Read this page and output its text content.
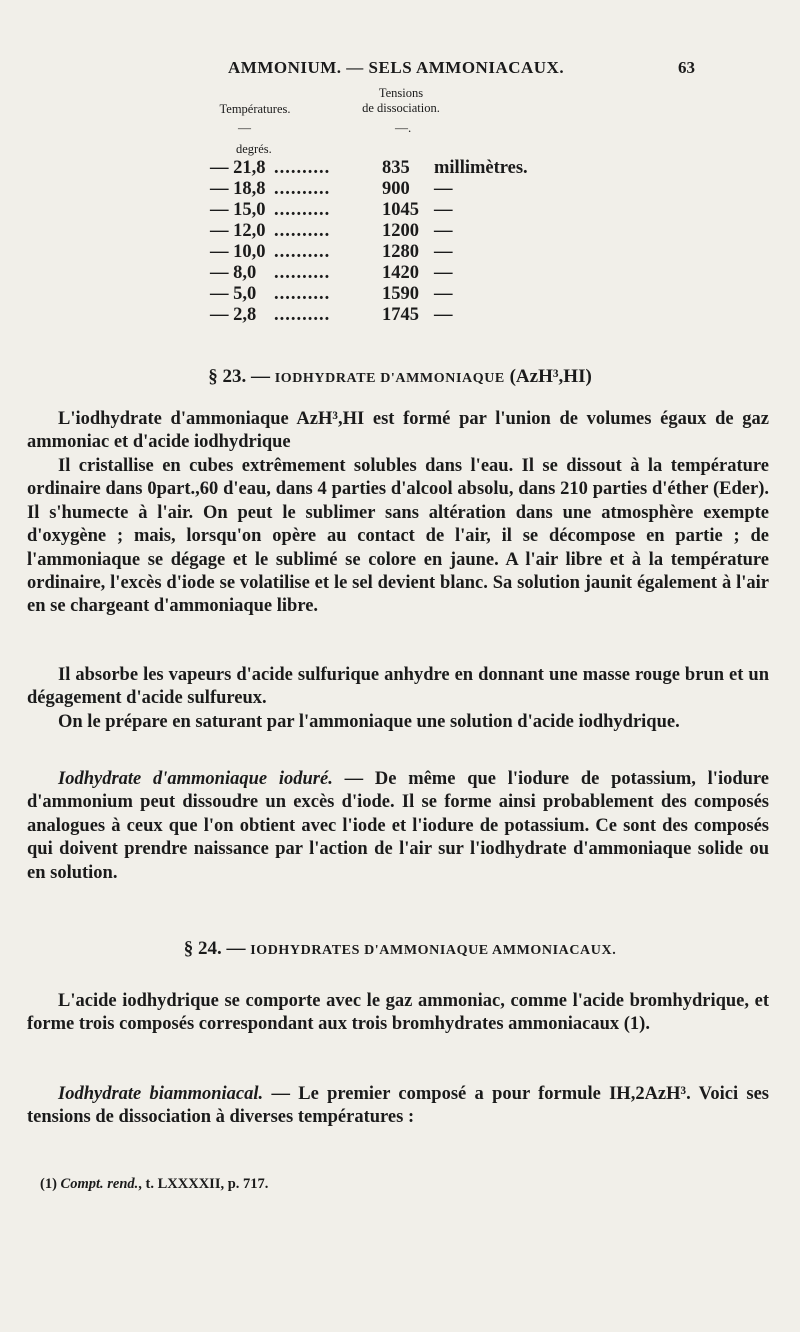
AMMONIUM. — SELS AMMONIACAUX.	63
Températures.
Tensions
de dissociation.
—	—.
degrés.
— 21,8	..........	835	millimètres.
— 18,8	..........	900	—
— 15,0	..........	1045	—
— 12,0	..........	1200	—
— 10,0	..........	1280	—
— 8,0	..........	1420	—
— 5,0	..........	1590	—
— 2,8	..........	1745	—
§ 23. — IODHYDRATE D'AMMONIAQUE (AzH³,HI)

L'iodhydrate d'ammoniaque AzH³,HI est formé par l'union de volumes égaux de gaz ammoniac et d'acide iodhydrique

Il cristallise en cubes extrêmement solubles dans l'eau. Il se dissout à la température ordinaire dans 0part.,60 d'eau, dans 4 parties d'alcool absolu, dans 210 parties d'éther (Eder). Il s'humecte à l'air. On peut le sublimer sans altération dans une atmosphère exempte d'oxygène ; mais, lorsqu'on opère au contact de l'air, il se décompose en partie ; de l'ammoniaque se dégage et le sublimé se colore en jaune. A l'air libre et à la température ordinaire, l'excès d'iode se volatilise et le sel devient blanc. Sa solution jaunit également à l'air en se chargeant d'ammoniaque libre.

Il absorbe les vapeurs d'acide sulfurique anhydre en donnant une masse rouge brun et un dégagement d'acide sulfureux.

On le prépare en saturant par l'ammoniaque une solution d'acide iodhydrique.

Iodhydrate d'ammoniaque ioduré. — De même que l'iodure de potassium, l'iodure d'ammonium peut dissoudre un excès d'iode. Il se forme ainsi probablement des composés analogues à ceux que l'on obtient avec l'iode et l'iodure de potassium. Ce sont des composés qui doivent prendre naissance par l'action de l'air sur l'iodhydrate d'ammoniaque solide ou en solution.

§ 24. — IODHYDRATES D'AMMONIAQUE AMMONIACAUX.

L'acide iodhydrique se comporte avec le gaz ammoniac, comme l'acide bromhydrique, et forme trois composés correspondant aux trois bromhydrates ammoniacaux (1).

Iodhydrate biammoniacal. — Le premier composé a pour formule IH,2AzH³. Voici ses tensions de dissociation à diverses températures :

(1) Compt. rend., t. LXXXXII, p. 717.
